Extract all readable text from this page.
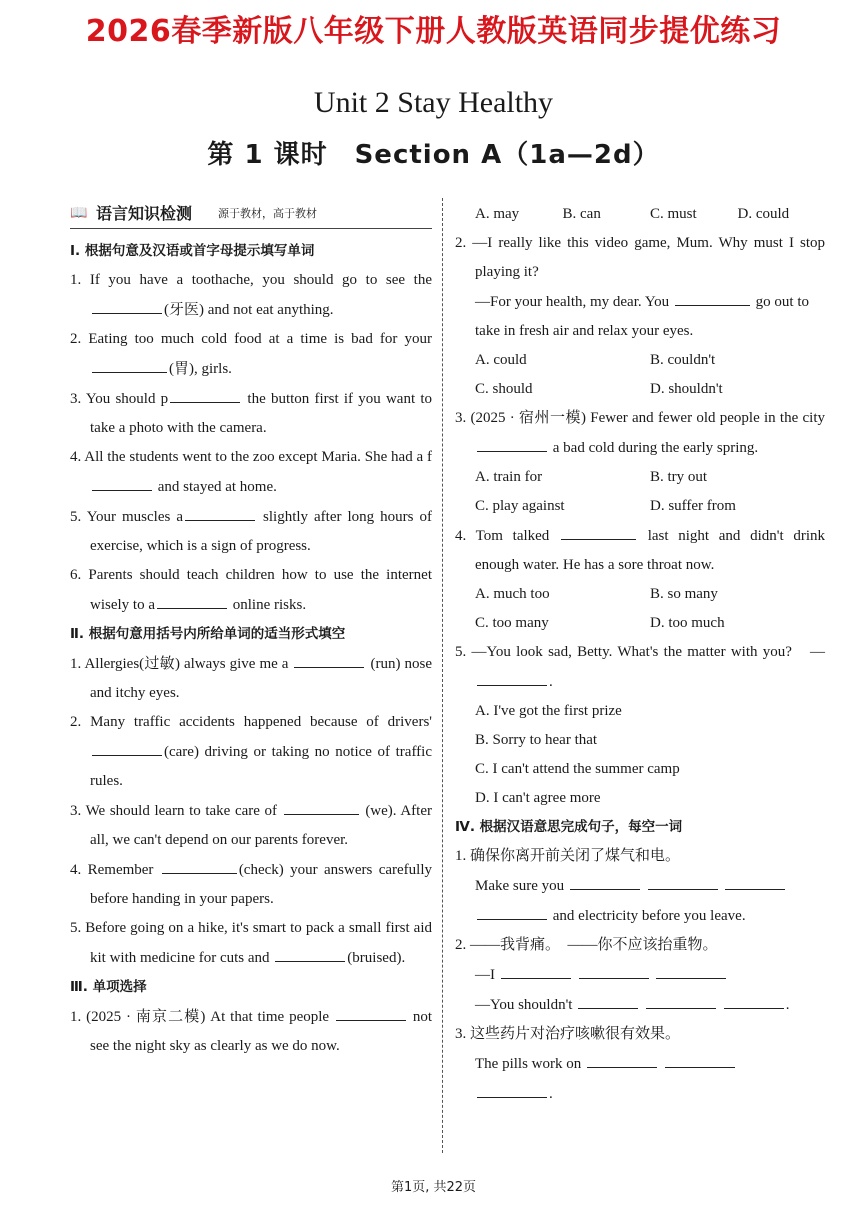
2026春季新版八年级下册人教版英语同步提优练习
Unit 2 Stay Healthy
第 1 课时　Section A（1a—2d）
📖 语言知识检测 源于教材，高于教材
Ⅰ. 根据句意及汉语或首字母提示填写单词
1. If you have a toothache, you should go to see the (牙医) and not eat anything.
2. Eating too much cold food at a time is bad for your (胃), girls.
3. You should p	the button first if you want to take a photo with the camera.
4. All the students went to the zoo except Maria. She had a f and stayed at home.
5. Your muscles a	slightly after long hours of exercise, which is a sign of progress.
6. Parents should teach children how to use the internet wisely to a	online risks.
Ⅱ. 根据句意用括号内所给单词的适当形式填空
1. Allergies(过敏) always give me a	(run) nose and itchy eyes.
2. Many traffic accidents happened because of drivers' (care) driving or taking no notice of traffic rules.
3. We should learn to take care of	(we). After all, we can't depend on our parents forever.
4. Remember	(check) your answers carefully before handing in your papers.
5. Before going on a hike, it's smart to pack a small first aid kit with medicine for cuts and	(bruised).
Ⅲ. 单项选择
1. (2025 · 南京二模) At that time people	not see the night sky as clearly as we do now.
A. may	B. can	C. must	D. could
2. —I really like this video game, Mum. Why must I stop playing it?
—For your health, my dear. You	go out to take in fresh air and relax your eyes.
A. could	B. couldn't
C. should	D. shouldn't
3. (2025 · 宿州一模) Fewer and fewer old people in the city  a bad cold during the early spring.
A. train for	B. try out
C. play against	D. suffer from
4. Tom talked	last night and didn't drink enough water. He has a sore throat now.
A. much too	B. so many
C. too many	D. too much
5. —You look sad, Betty. What's the matter with you?　—.
A. I've got the first prize
B. Sorry to hear that
C. I can't attend the summer camp
D. I can't agree more
Ⅳ. 根据汉语意思完成句子，每空一词
1. 确保你离开前关闭了煤气和电。
Make sure you
and electricity before you leave.
2. ——我背痛。　——你不应该抬重物。
—I
—You shouldn't	.
3. 这些药片对治疗咳嗽很有效果。
The pills work on
.
第1页, 共22页
